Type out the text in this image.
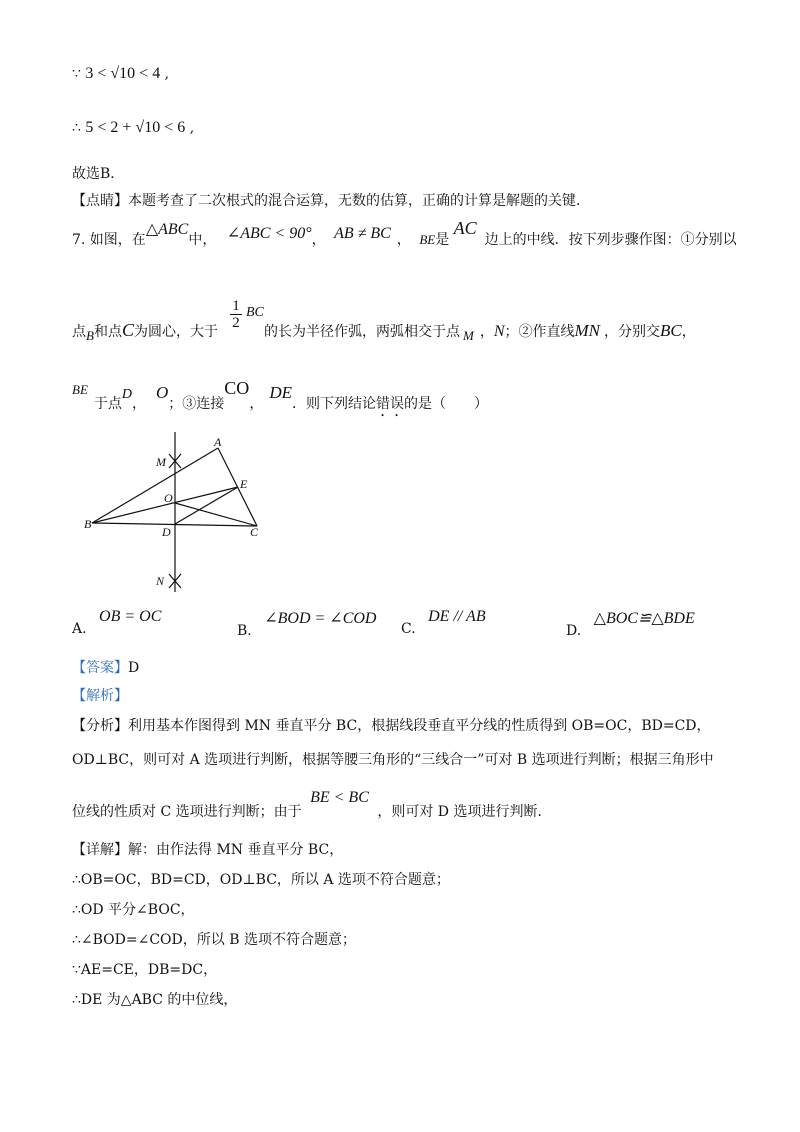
∵ 3 < √10 < 4 ,
∴ 5 < 2 + √10 < 6 ,
故选B．
【点睛】本题考查了二次根式的混合运算，无数的估算，正确的计算是解题的关键．
7. 如图，在△ABC中， ∠ABC < 90°， AB ≠ BC ， BE是 AC边上的中线．按下列步骤作图：①分别以
$\frac{1}{2}$ BC
点B和点C为圆心，大于	的长为半径作弧，两弧相交于点 M ，N；②作直线MN ，分别交BC，
BE于点D，O；③连接CO，DE．则下列结论错误的是（　　）
A
M
O
E
B
D	C
N
A. OB = OC
B. ∠BOD = ∠COD
C. DE // AB
D. △BOC≌△BDE
【答案】D
【解析】
【分析】利用基本作图得到 MN 垂直平分 BC，根据线段垂直平分线的性质得到 OB=OC，BD=CD，
OD⊥BC，则可对 A 选项进行判断，根据等腰三角形的“三线合一”可对 B 选项进行判断；根据三角形中
位线的性质对 C 选项进行判断；由于 BE < BC ，则可对 D 选项进行判断．
【详解】解：由作法得 MN 垂直平分 BC，
∴OB=OC，BD=CD，OD⊥BC，所以 A 选项不符合题意；
∴OD 平分∠BOC，
∴∠BOD=∠COD，所以 B 选项不符合题意；
∵AE=CE，DB=DC，
∴DE 为△ABC 的中位线，
